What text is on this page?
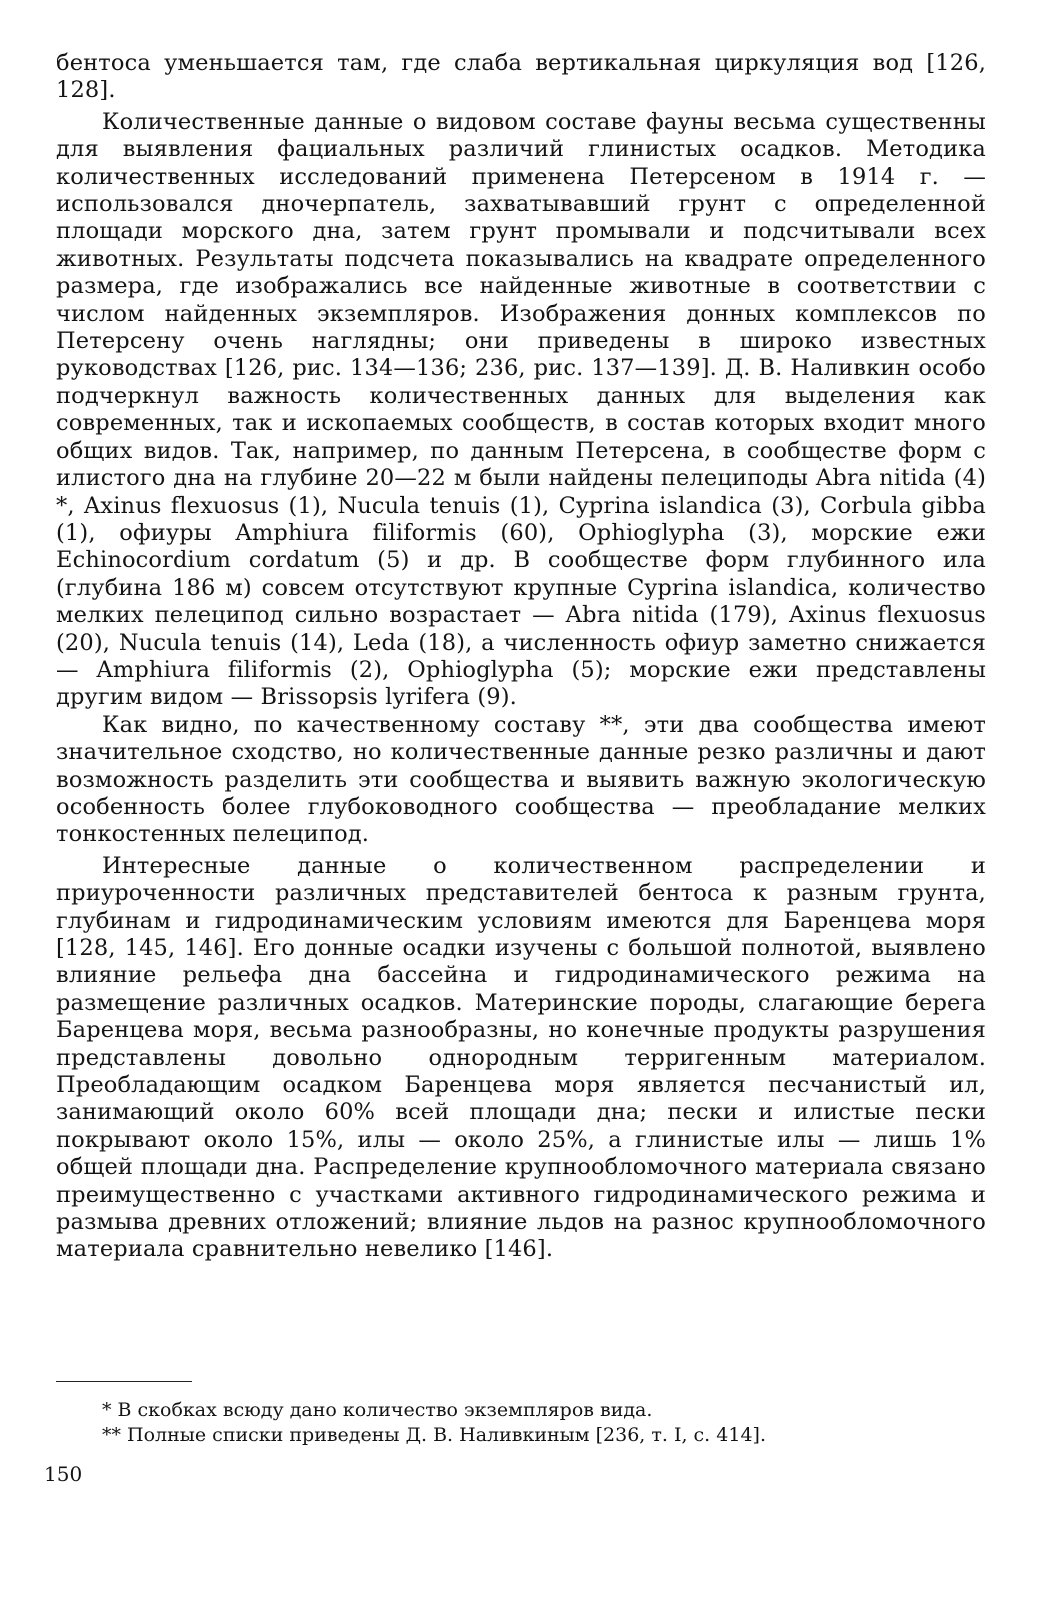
бентоса уменьшается там, где слаба вертикальная циркуляция вод [126, 128].

Количественные данные о видовом составе фауны весьма существенны для выявления фациальных различий глинистых осадков. Методика количественных исследований применена Петерсеном в 1914 г. — использовался дночерпатель, захватывавший грунт с определенной площади морского дна, затем грунт промывали и подсчитывали всех животных. Результаты подсчета показывались на квадрате определенного размера, где изображались все найденные животные в соответствии с числом найденных экземпляров. Изображения донных комплексов по Петерсену очень наглядны; они приведены в широко известных руководствах [126, рис. 134—136; 236, рис. 137—139]. Д. В. Наливкин особо подчеркнул важность количественных данных для выделения как современных, так и ископаемых сообществ, в состав которых входит много общих видов. Так, например, по данным Петерсена, в сообществе форм с илистого дна на глубине 20—22 м были найдены пелециподы Abra nitida (4) *, Axinus flexuosus (1), Nucula tenuis (1), Cyprina islandica (3), Corbula gibba (1), офиуры Amphiura filiformis (60), Ophioglypha (3), морские ежи Echinocordium cordatum (5) и др. В сообществе форм глубинного ила (глубина 186 м) совсем отсутствуют крупные Cyprina islandica, количество мелких пелеципод сильно возрастает — Abra nitida (179), Axinus flexuosus (20), Nucula tenuis (14), Leda (18), а численность офиур заметно снижается — Amphiura filiformis (2), Ophioglypha (5); морские ежи представлены другим видом — Brissopsis lyrifera (9).

Как видно, по качественному составу **, эти два сообщества имеют значительное сходство, но количественные данные резко различны и дают возможность разделить эти сообщества и выявить важную экологическую особенность более глубоководного сообщества — преобладание мелких тонкостенных пелеципод.

Интересные данные о количественном распределении и приуроченности различных представителей бентоса к разным грунта, глубинам и гидродинамическим условиям имеются для Баренцева моря [128, 145, 146]. Его донные осадки изучены с большой полнотой, выявлено влияние рельефа дна бассейна и гидродинамического режима на размещение различных осадков. Материнские породы, слагающие берега Баренцева моря, весьма разнообразны, но конечные продукты разрушения представлены довольно однородным терригенным материалом. Преобладающим осадком Баренцева моря является песчанистый ил, занимающий около 60% всей площади дна; пески и илистые пески покрывают около 15%, илы — около 25%, а глинистые илы — лишь 1% общей площади дна. Распределение крупнообломочного материала связано преимущественно с участками активного гидродинамического режима и размыва древних отложений; влияние льдов на разнос крупнообломочного материала сравнительно невелико [146].

* В скобках всюду дано количество экземпляров вида.

** Полные списки приведены Д. В. Наливкиным [236, т. I, с. 414].

150
